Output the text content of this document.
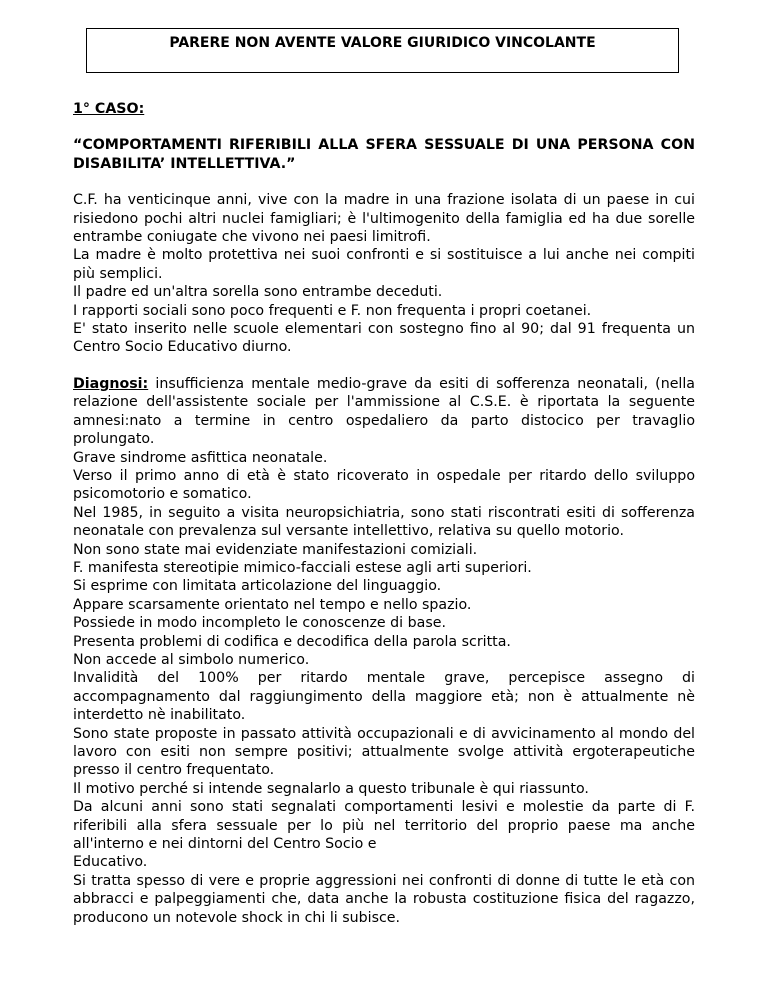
PARERE NON AVENTE VALORE GIURIDICO VINCOLANTE

1° CASO:

“COMPORTAMENTI RIFERIBILI ALLA SFERA SESSUALE DI UNA PERSONA CON DISABILITA’ INTELLETTIVA.”

C.F. ha venticinque anni, vive con la madre in una frazione isolata di un paese in cui risiedono pochi altri nuclei famigliari; è l'ultimogenito della famiglia ed ha due sorelle entrambe coniugate che vivono nei paesi limitrofi.
La madre è molto protettiva nei suoi confronti e si sostituisce a lui anche nei compiti più semplici.
Il padre ed un'altra sorella sono entrambe deceduti.
I rapporti sociali sono poco frequenti e F. non frequenta i propri coetanei.
E' stato inserito nelle scuole elementari con sostegno fino al 90; dal 91 frequenta un Centro Socio Educativo diurno.
Diagnosi: insufficienza mentale medio-grave da esiti di sofferenza neonatali, (nella relazione dell'assistente sociale per l'ammissione al C.S.E. è riportata la seguente amnesi:nato a termine in centro ospedaliero da parto distocico per travaglio prolungato.
Grave sindrome asfittica neonatale.
Verso il primo anno di età è stato ricoverato in ospedale per ritardo dello sviluppo psicomotorio e somatico.
Nel 1985, in seguito a visita neuropsichiatria, sono stati riscontrati esiti di sofferenza neonatale con prevalenza sul versante intellettivo, relativa su quello motorio.
Non sono state mai evidenziate manifestazioni comiziali.
F. manifesta stereotipie mimico-facciali estese agli arti superiori.
Si esprime con limitata articolazione del linguaggio.
Appare scarsamente orientato nel tempo e nello spazio.
Possiede in modo incompleto le conoscenze di base.
Presenta problemi di codifica e decodifica della parola scritta.
Non accede al simbolo numerico.
Invalidità del 100% per ritardo mentale grave, percepisce assegno di accompagnamento dal raggiungimento della maggiore età; non è attualmente nè interdetto nè inabilitato.
Sono state proposte in passato attività occupazionali e di avvicinamento al mondo del lavoro con esiti non sempre positivi; attualmente svolge attività ergoterapeutiche presso il centro frequentato.
Il motivo perché si intende segnalarlo a questo tribunale è qui riassunto.
Da alcuni anni sono stati segnalati comportamenti lesivi e molestie da parte di F. riferibili alla sfera sessuale per lo più nel territorio del proprio paese ma anche all'interno e nei dintorni del Centro Socio e
Educativo.
Si tratta spesso di vere e proprie aggressioni nei confronti di donne di tutte le età con abbracci e palpeggiamenti che, data anche la robusta costituzione fisica del ragazzo, producono un notevole shock in chi li subisce.
